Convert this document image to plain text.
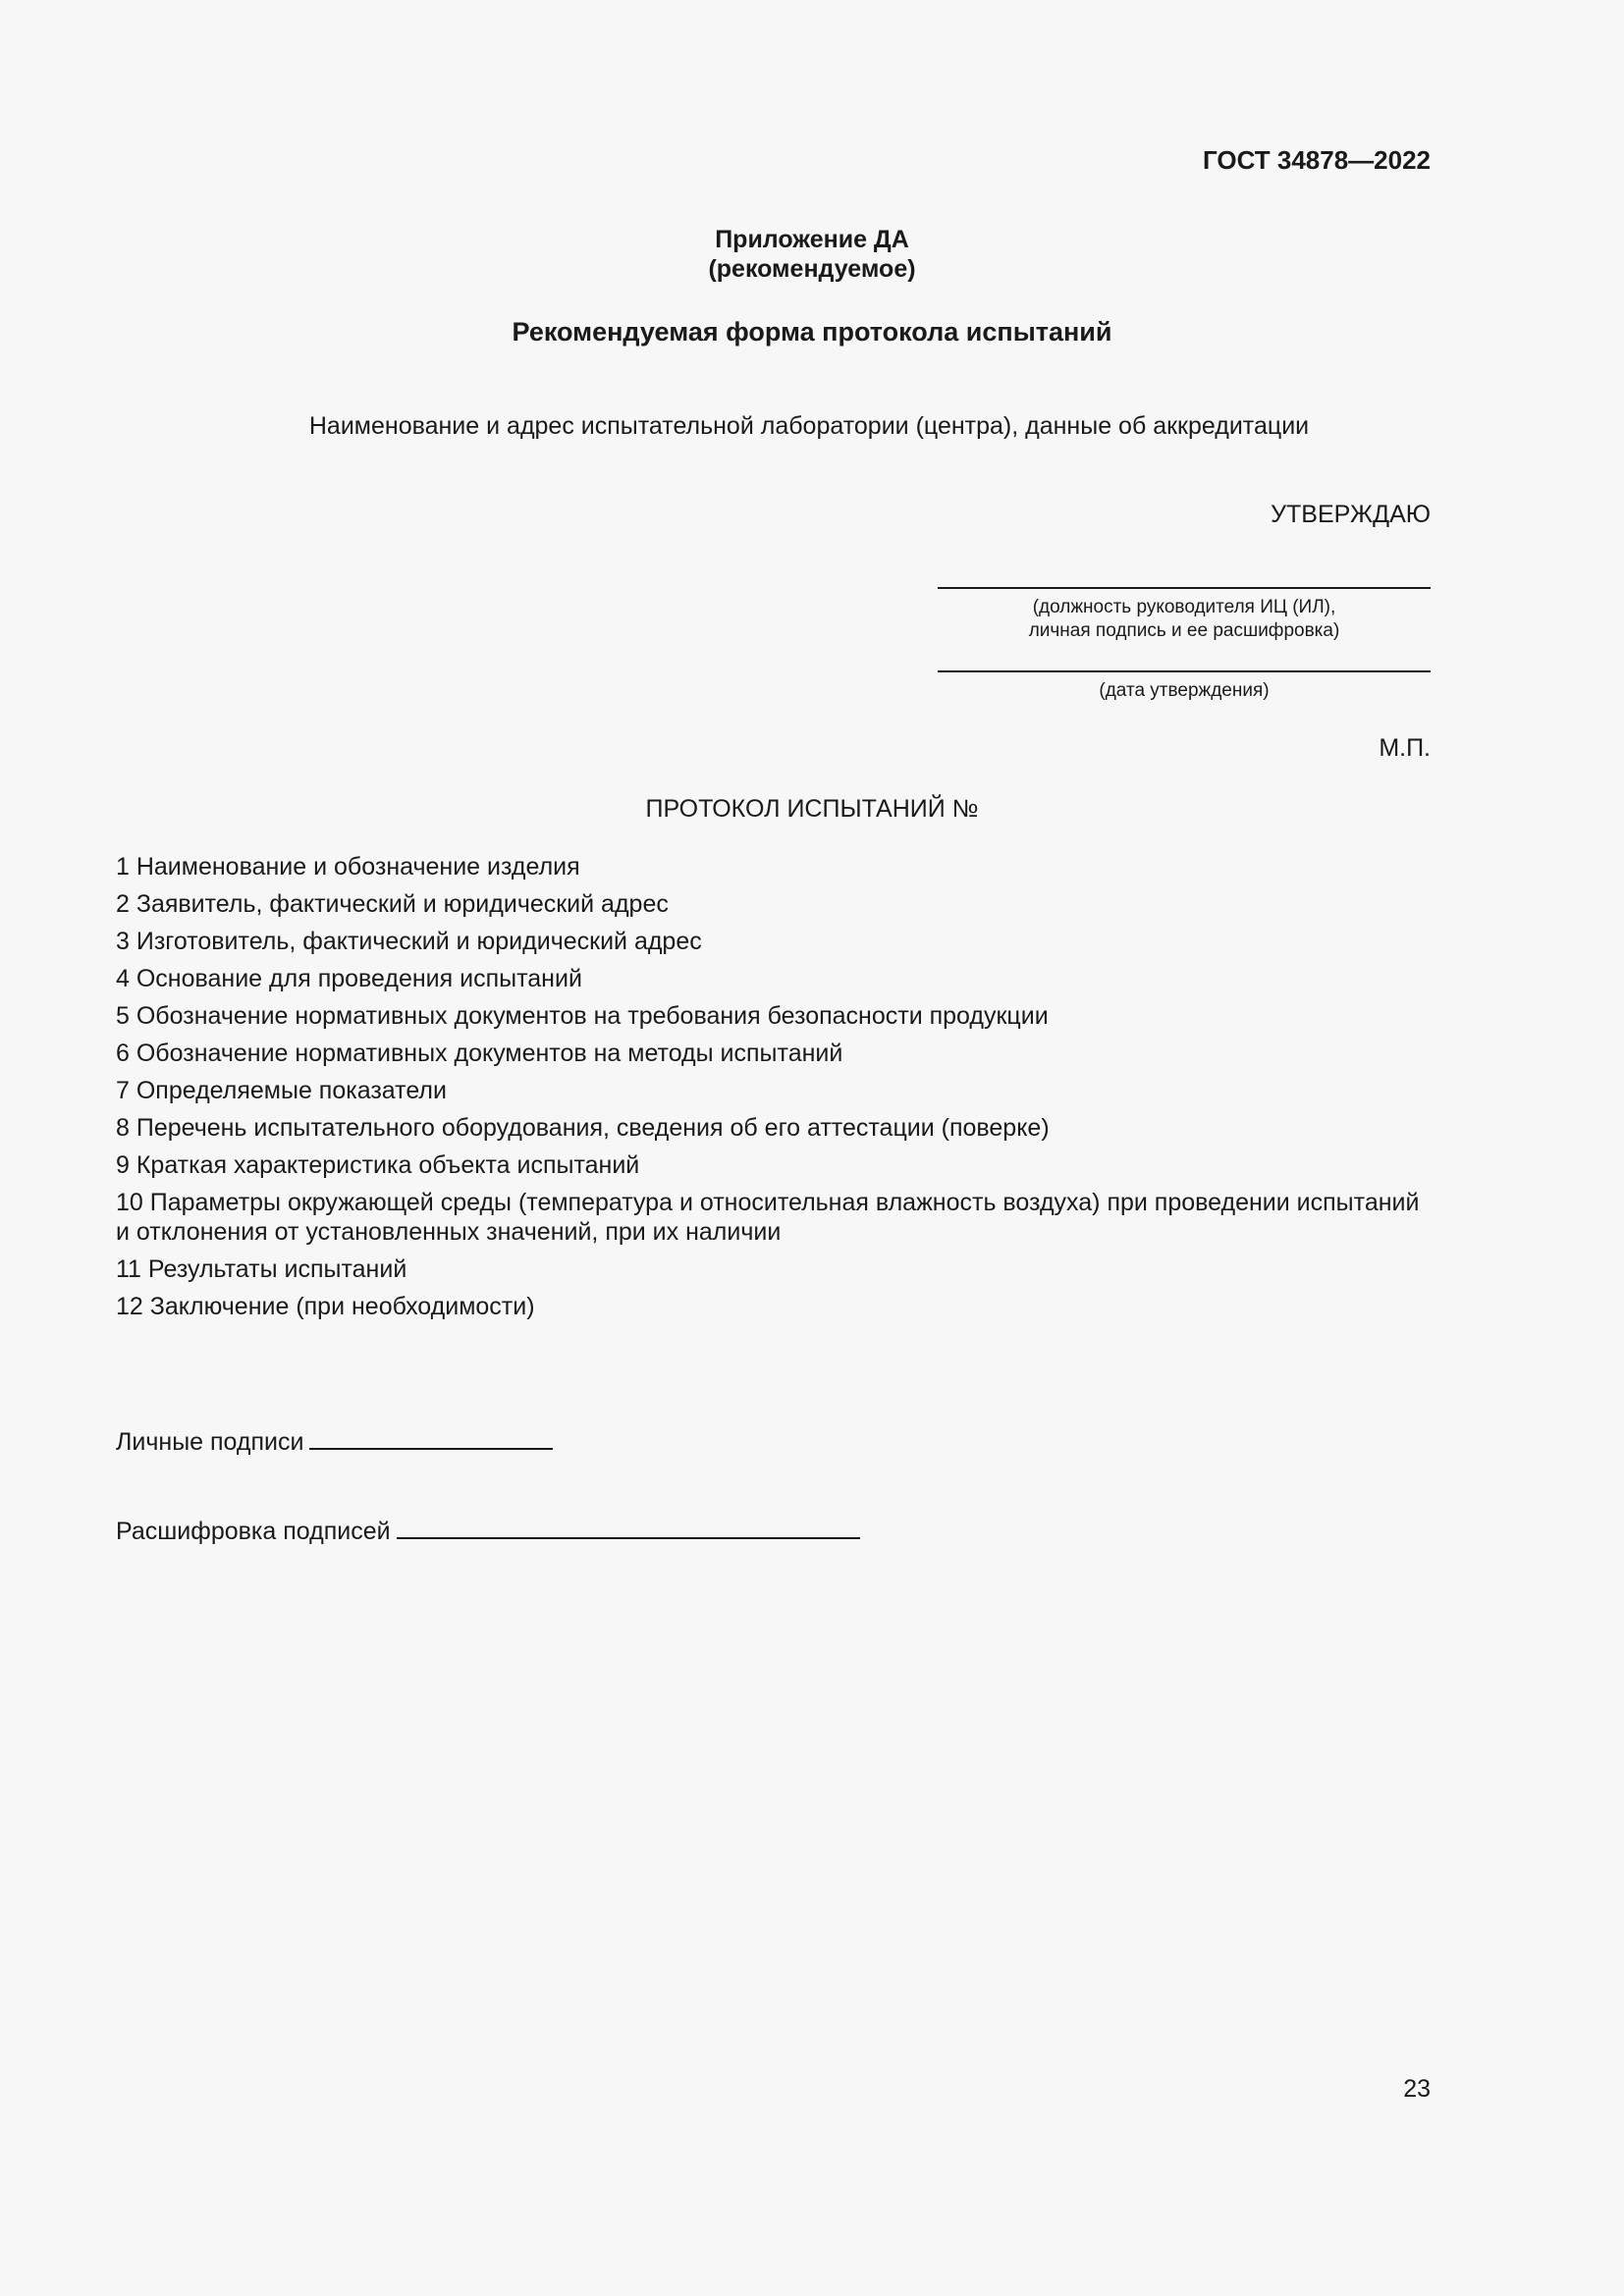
ГОСТ 34878—2022
Приложение ДА
(рекомендуемое)
Рекомендуемая форма протокола испытаний
Наименование и адрес испытательной лаборатории (центра), данные об аккредитации
УТВЕРЖДАЮ
(должность руководителя ИЦ (ИЛ),
личная подпись и ее расшифровка)
(дата утверждения)
М.П.
ПРОТОКОЛ ИСПЫТАНИЙ №
1 Наименование и обозначение изделия
2 Заявитель, фактический и юридический адрес
3 Изготовитель, фактический и юридический адрес
4 Основание для проведения испытаний
5 Обозначение нормативных документов на требования безопасности продукции
6 Обозначение нормативных документов на методы испытаний
7 Определяемые показатели
8 Перечень испытательного оборудования, сведения об его аттестации (поверке)
9 Краткая характеристика объекта испытаний
10 Параметры окружающей среды (температура и относительная влажность воздуха) при проведении испытаний и отклонения от установленных значений, при их наличии
11 Результаты испытаний
12 Заключение (при необходимости)
Личные подписи
Расшифровка подписей
23
